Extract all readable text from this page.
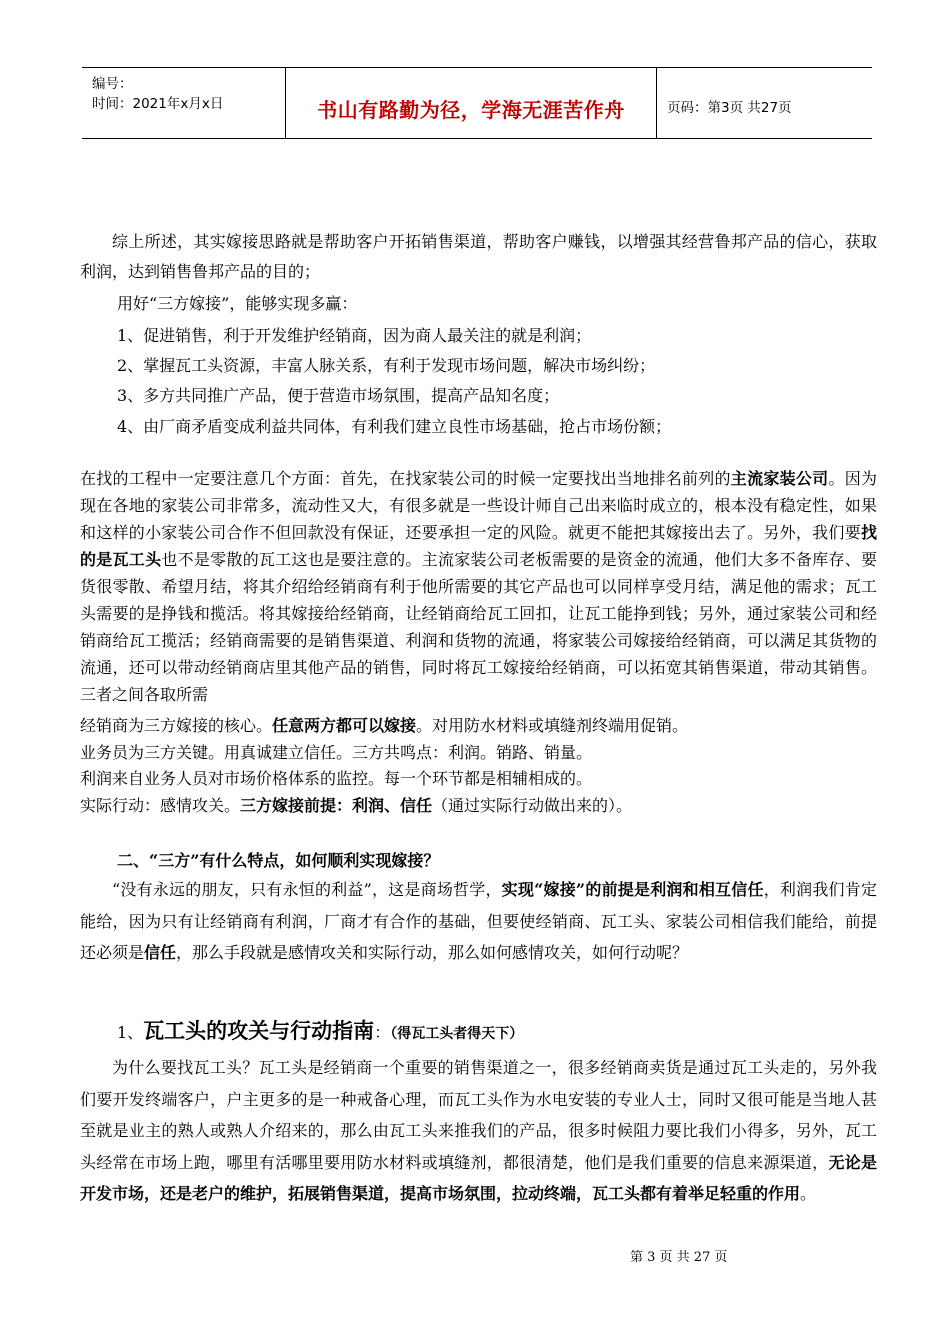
编号：
时间：2021年x月x日	书山有路勤为径，学海无涯苦作舟	页码：第3页 共27页
综上所述，其实嫁接思路就是帮助客户开拓销售渠道，帮助客户赚钱，以增强其经营鲁邦产品的信心，获取利润，达到销售鲁邦产品的目的；
用好“三方嫁接”，能够实现多赢：
1、促进销售，利于开发维护经销商，因为商人最关注的就是利润；
2、掌握瓦工头资源，丰富人脉关系，有利于发现市场问题，解决市场纠纷；
3、多方共同推广产品，便于营造市场氛围，提高产品知名度；
4、由厂商矛盾变成利益共同体，有利我们建立良性市场基础，抢占市场份额；
在找的工程中一定要注意几个方面：首先，在找家装公司的时候一定要找出当地排名前列的主流家装公司。因为现在各地的家装公司非常多，流动性又大，有很多就是一些设计师自己出来临时成立的，根本没有稳定性，如果和这样的小家装公司合作不但回款没有保证，还要承担一定的风险。就更不能把其嫁接出去了。另外，我们要找的是瓦工头也不是零散的瓦工这也是要注意的。主流家装公司老板需要的是资金的流通，他们大多不备库存、要货很零散、希望月结，将其介绍给经销商有利于他所需要的其它产品也可以同样享受月结，满足他的需求；瓦工头需要的是挣钱和揽活。将其嫁接给经销商，让经销商给瓦工回扣，让瓦工能挣到钱；另外，通过家装公司和经销商给瓦工揽活；经销商需要的是销售渠道、利润和货物的流通，将家装公司嫁接给经销商，可以满足其货物的流通，还可以带动经销商店里其他产品的销售，同时将瓦工嫁接给经销商，可以拓宽其销售渠道，带动其销售。三者之间各取所需
经销商为三方嫁接的核心。任意两方都可以嫁接。对用防水材料或填缝剂终端用促销。
业务员为三方关键。用真诚建立信任。三方共鸣点：利润。销路、销量。
利润来自业务人员对市场价格体系的监控。每一个环节都是相辅相成的。
实际行动：感情攻关。三方嫁接前提：利润、信任（通过实际行动做出来的）。
二、“三方”有什么特点，如何顺利实现嫁接？
“没有永远的朋友，只有永恒的利益”，这是商场哲学，实现“嫁接”的前提是利润和相互信任，利润我们肯定能给，因为只有让经销商有利润，厂商才有合作的基础，但要使经销商、瓦工头、家装公司相信我们能给，前提还必须是信任，那么手段就是感情攻关和实际行动，那么如何感情攻关，如何行动呢？
1、瓦工头的攻关与行动指南：（得瓦工头者得天下）
为什么要找瓦工头？瓦工头是经销商一个重要的销售渠道之一，很多经销商卖货是通过瓦工头走的，另外我们要开发终端客户，户主更多的是一种戒备心理，而瓦工头作为水电安装的专业人士，同时又很可能是当地人甚至就是业主的熟人或熟人介绍来的，那么由瓦工头来推我们的产品，很多时候阻力要比我们小得多，另外，瓦工头经常在市场上跑，哪里有活哪里要用防水材料或填缝剂，都很清楚，他们是我们重要的信息来源渠道，无论是开发市场，还是老户的维护，拓展销售渠道，提高市场氛围，拉动终端，瓦工头都有着举足轻重的作用。
第 3 页 共 27 页
